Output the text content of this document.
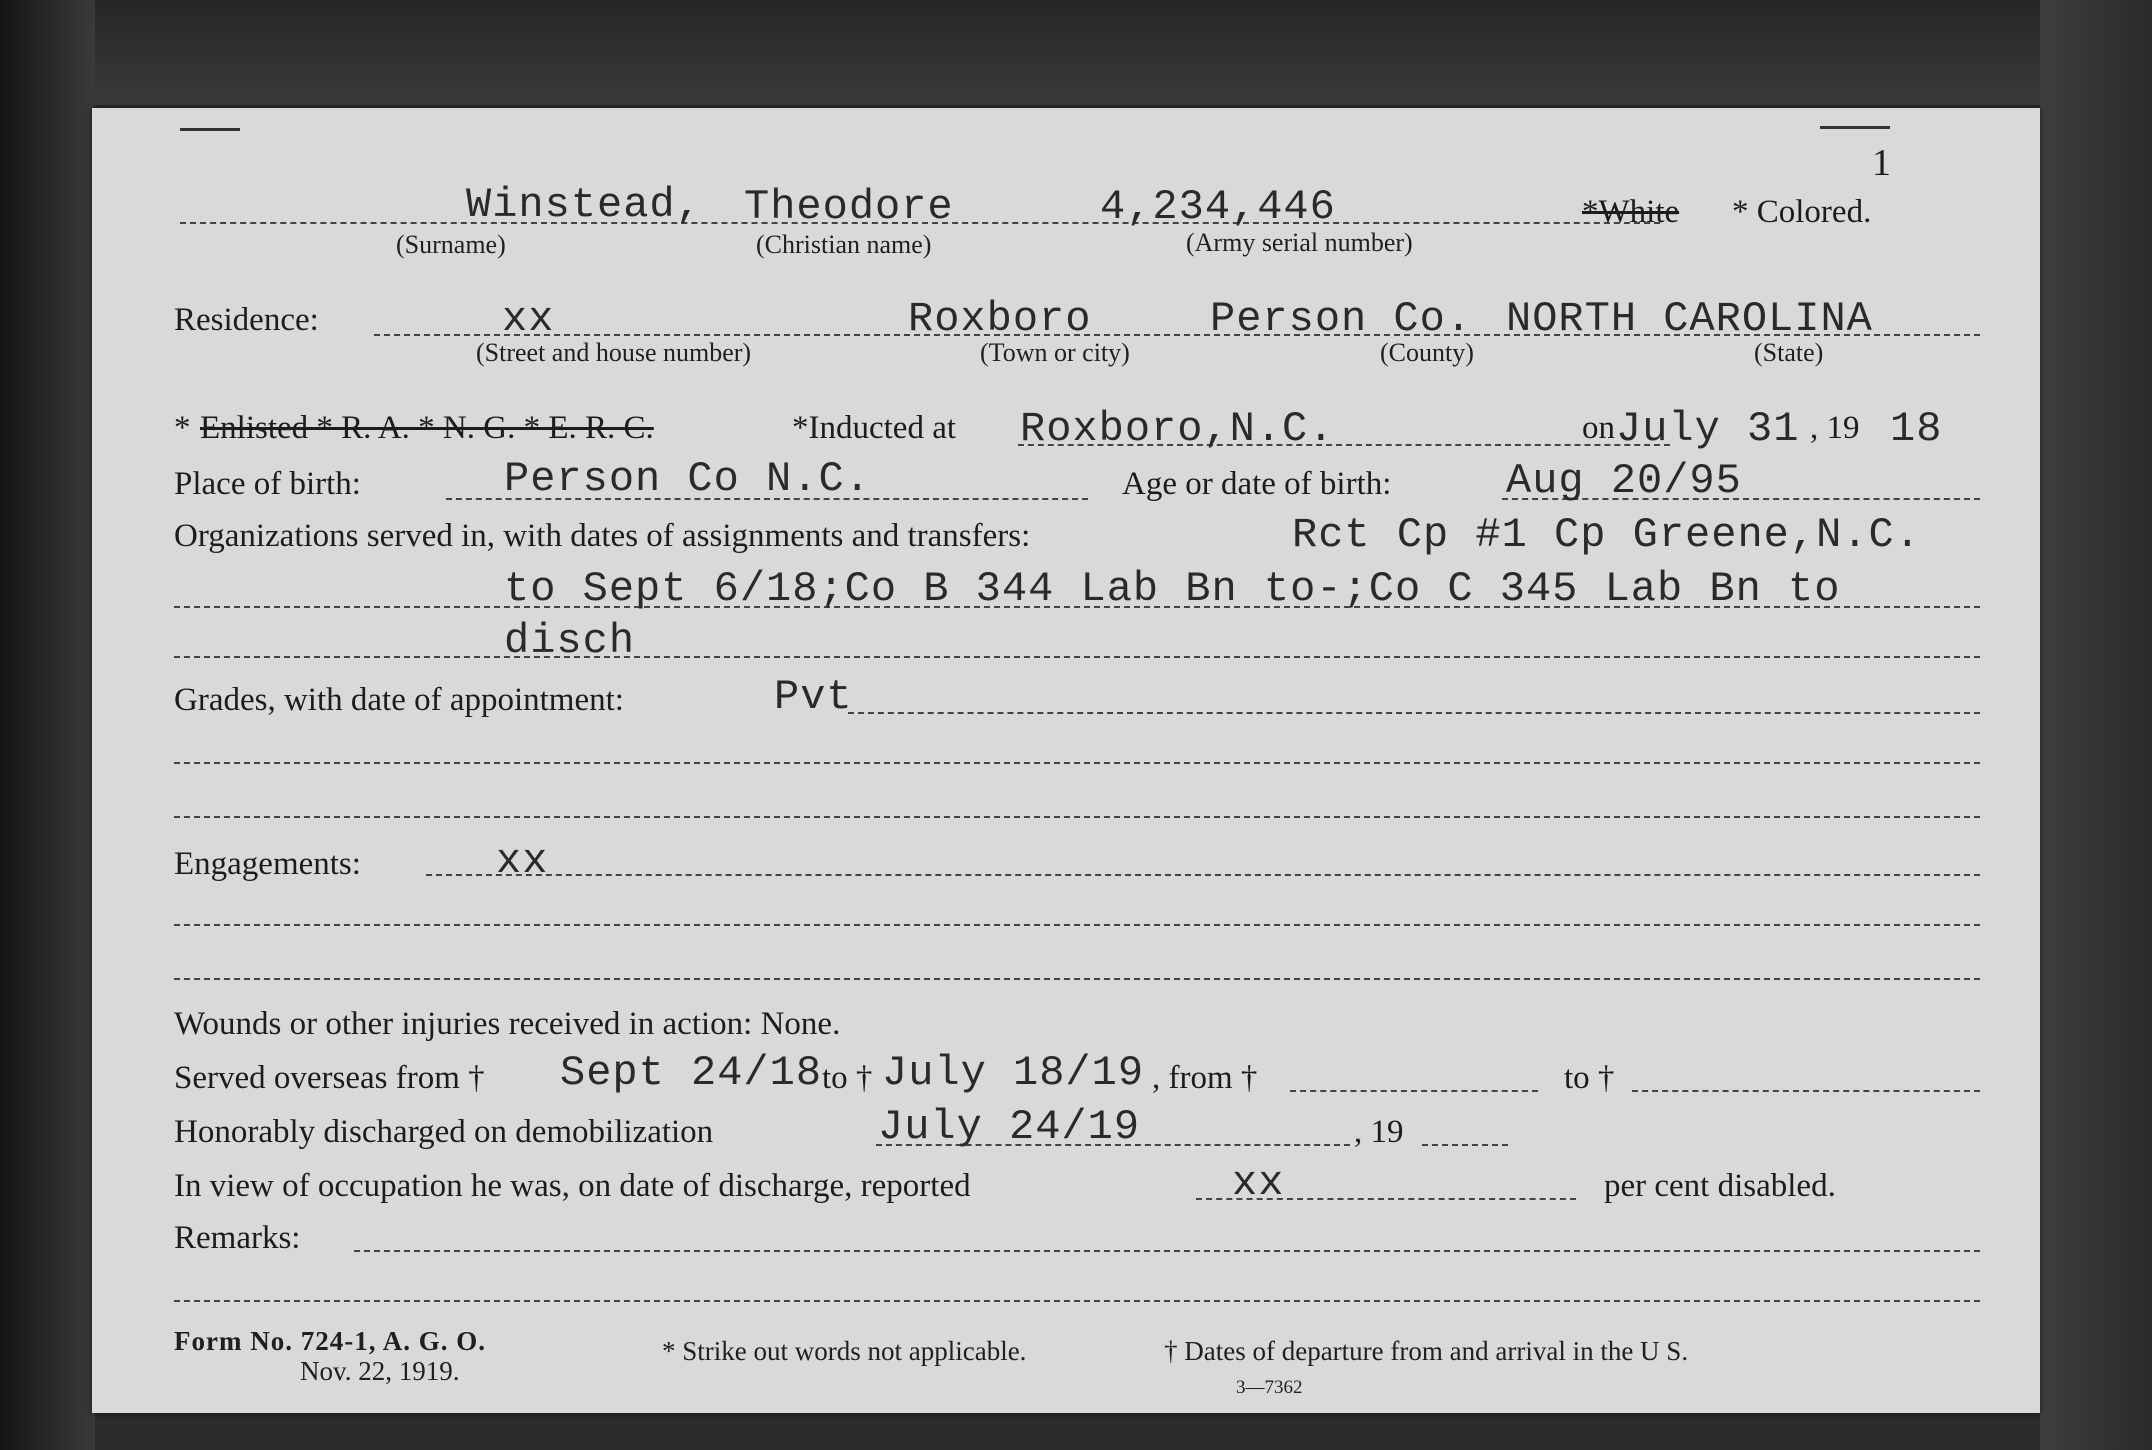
1
Winstead, Theodore	4,234,446	*White * Colored.
(Surname)	(Christian name)	(Army serial number)
Residence:	xx	Roxboro	Person Co. NORTH CAROLINA
(Street and house number)	(Town or city)	(County)	(State)
* Enlisted * R. A. * N. G. * E. R. C.	*Inducted at Roxboro,N.C.	on July 31 , 19 18
Place of birth:	Person Co N.C.	Age or date of birth:	Aug 20/95
Organizations served in, with dates of assignments and transfers:	Rct Cp #1 Cp Greene,N.C.
to Sept 6/18;Co B 344 Lab Bn to-;Co C 345 Lab Bn to
disch
Grades, with date of appointment:	Pvt
Engagements:	xx
Wounds or other injuries received in action: None.
Served overseas from † Sept 24/18 to † July 18/19 , from †	to †
Honorably discharged on demobilization	July 24/19	, 19
In view of occupation he was, on date of discharge, reported	xx	per cent disabled.
Remarks:
Form No. 724-1, A. G. O.
Nov. 22, 1919.
* Strike out words not applicable.	† Dates of departure from and arrival in the U S.
3—7362
